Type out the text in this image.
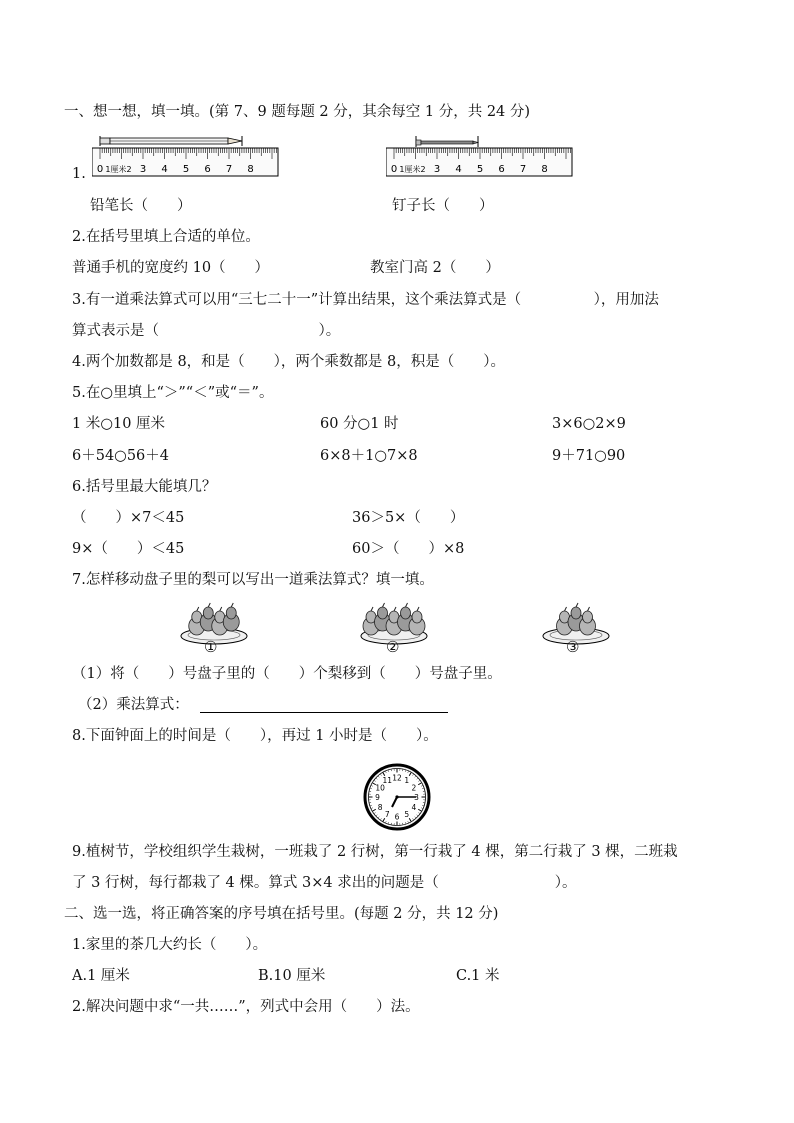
一、想一想，填一填。(第 7、9 题每题 2 分，其余每空 1 分，共 24 分)
1. 0 1厘米2 3 4 5 6 7 8	0 1厘米2 3 4 5 6 7 8
铅笔长（　　）	钉子长（　　）
2.在括号里填上合适的单位。
普通手机的宽度约 10（　　）	教室门高 2（　　）
3.有一道乘法算式可以用“三七二十一”计算出结果，这个乘法算式是（　　　　　），用加法
算式表示是（　　　　　　　　　　　）。
4.两个加数都是 8，和是（　　），两个乘数都是 8，积是（　　）。
5.在○里填上“＞”“＜”或“＝”。
1 米○10 厘米	60 分○1 时	3×6○2×9
6＋54○56＋4	6×8＋1○7×8	9＋71○90
6.括号里最大能填几？
（　　）×7＜45	36＞5×（　　）
9×（　　）＜45	60＞（　　）×8
7.怎样移动盘子里的梨可以写出一道乘法算式？填一填。
①	②	③
（1）将（　　）号盘子里的（　　）个梨移到（　　）号盘子里。
（2）乘法算式：
8.下面钟面上的时间是（　　），再过 1 小时是（　　）。
12 1
2
3
4
5
6
7
8
9
10
11
9.植树节，学校组织学生栽树，一班栽了 2 行树，第一行栽了 4 棵，第二行栽了 3 棵，二班栽
了 3 行树，每行都栽了 4 棵。算式 3×4 求出的问题是（　　　　　　　　）。
二、选一选，将正确答案的序号填在括号里。(每题 2 分，共 12 分)
1.家里的茶几大约长（　　）。
A.1 厘米	B.10 厘米	C.1 米
2.解决问题中求“一共……”，列式中会用（　　）法。
